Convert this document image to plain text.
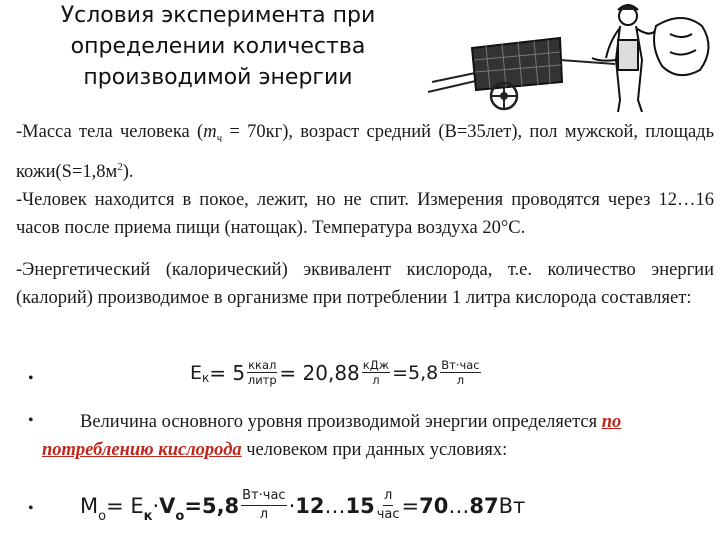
Условия эксперимента при
определении количества
производимой энергии
-Масса тела человека $(m_ч = 70кг)$, возраст средний (В=35лет), пол мужской, площадь $кожи(S=1,8м^2)$.
-Человек находится в покое, лежит, но не спит. Измерения проводятся через 12…16 часов после приема пищи (натощак). Температура воздуха 20°C.
-Энергетический (калорический) эквивалент кислорода, т.е. количество энергии (калорий) производимое в организме при потреблении 1 литра кислорода составляет:
•	$Е_к = 5 \frac{\text{ккал}}{\text{литр}} = 20,88 \frac{\text{кДж}}{л} =5,8 \frac{\text{Вт·час}}{л}$
•	Величина основного уровня производимой энергии определяется по
потреблению кислорода человеком при данных условиях:
• $М_о = Е_к \cdot V_o =5,8 \frac{\text{Вт·час}}{л} \cdot 12$ … $15 \frac{л}{\text{час}} = 70$ … 87 Вт
